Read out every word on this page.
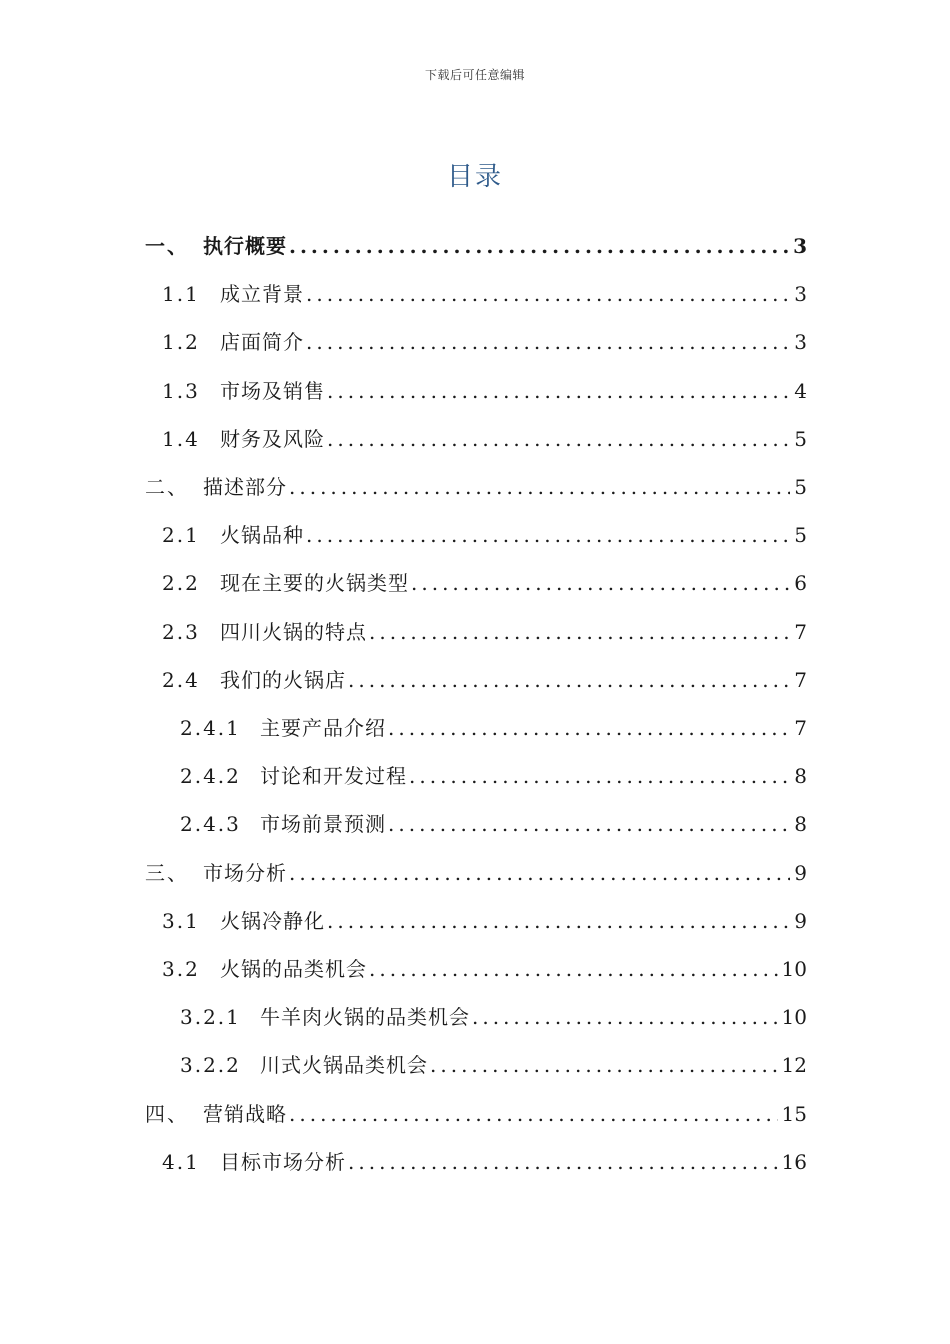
下载后可任意编辑
目录
一、 执行概要 .....	3
1.1	成立背景 .....	3
1.2	店面简介 .....	3
1.3	市场及销售 .....	4
1.4	财务及风险 .....	5
二、 描述部分 .....	5
2.1	火锅品种 .....	5
2.2	现在主要的火锅类型 .....	6
2.3	四川火锅的特点 .....	7
2.4	我们的火锅店 .....	7
2.4.1 主要产品介绍 .....	7
2.4.2 讨论和开发过程 .....	8
2.4.3 市场前景预测 .....	8
三、 市场分析 .....	9
3.1	火锅冷静化 .....	9
3.2	火锅的品类机会 .....	10
3.2.1 牛羊肉火锅的品类机会 .....	10
3.2.2 川式火锅品类机会 .....	12
四、 营销战略 .....	15
4.1	目标市场分析 .....	16
